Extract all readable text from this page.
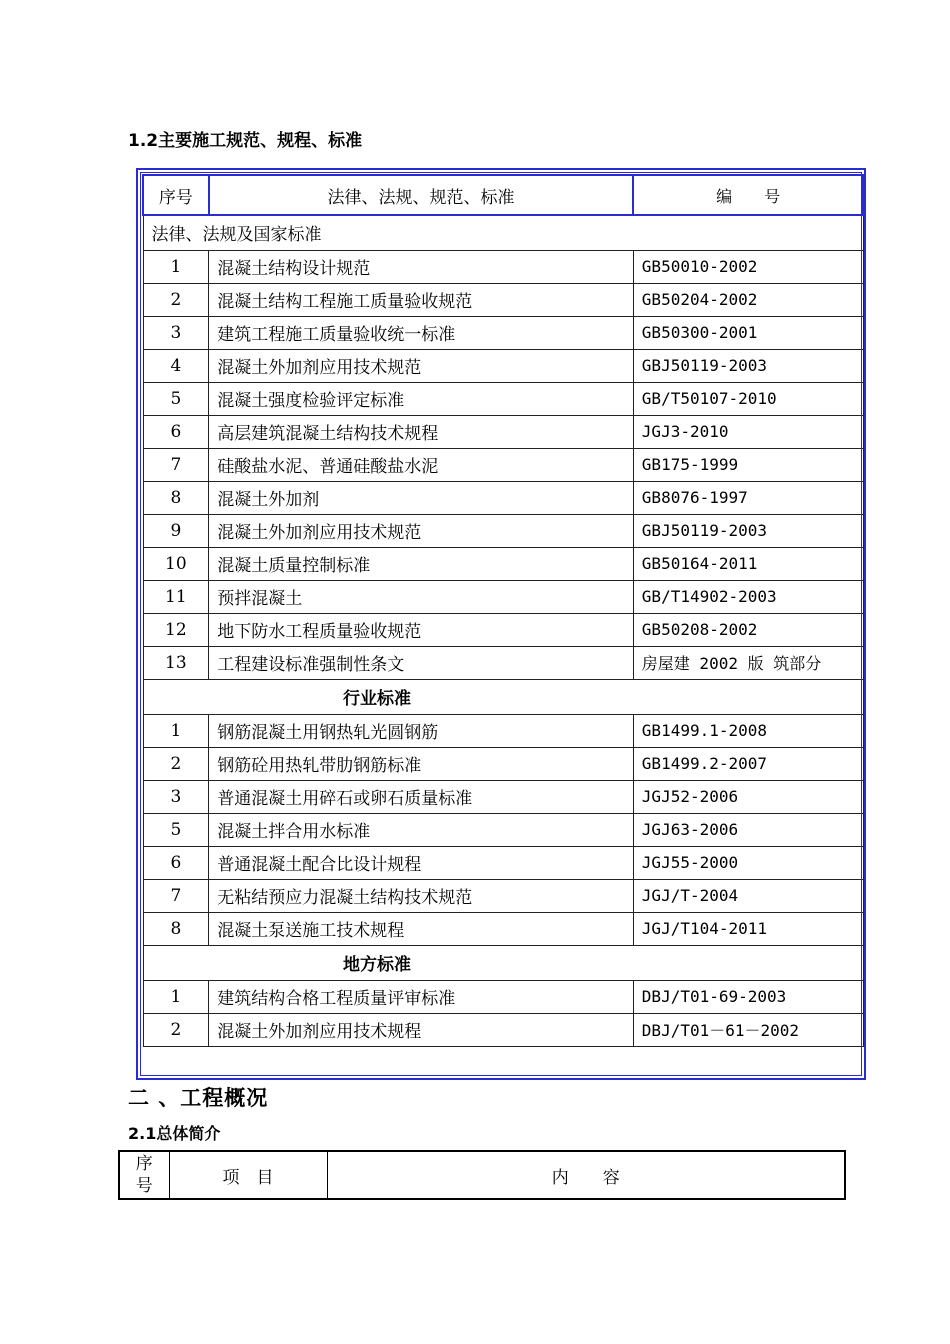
1.2主要施工规范、规程、标准
序号	法律、法规、规范、标准	编　　号
法律、法规及国家标准		
1	混凝土结构设计规范	GB50010-2002
2	混凝土结构工程施工质量验收规范	GB50204-2002
3	建筑工程施工质量验收统一标准	GB50300-2001
4	混凝土外加剂应用技术规范	GBJ50119-2003
5	混凝土强度检验评定标准	GB/T50107-2010
6	高层建筑混凝土结构技术规程	JGJ3-2010
7	硅酸盐水泥、普通硅酸盐水泥	GB175-1999
8	混凝土外加剂	GB8076-1997
9	混凝土外加剂应用技术规范	GBJ50119-2003
10	混凝土质量控制标准	GB50164-2011
11	预拌混凝土	GB/T14902-2003
12	地下防水工程质量验收规范	GB50208-2002
13	工程建设标准强制性条文	房屋建 2002 版 筑部分
行业标准		
1	钢筋混凝土用钢热轧光圆钢筋	GB1499.1-2008
2	钢筋砼用热轧带肋钢筋标准	GB1499.2-2007
3	普通混凝土用碎石或卵石质量标准	JGJ52-2006
5	混凝土拌合用水标准	JGJ63-2006
6	普通混凝土配合比设计规程	JGJ55-2000
7	无粘结预应力混凝土结构技术规范	JGJ/T-2004
8	混凝土泵送施工技术规程	JGJ/T104-2011
地方标准		
1	建筑结构合格工程质量评审标准	DBJ/T01-69-2003
2	混凝土外加剂应用技术规程	DBJ/T01－61－2002
二 、工程概况
2.1总体简介
序号	项　目	内　　容
